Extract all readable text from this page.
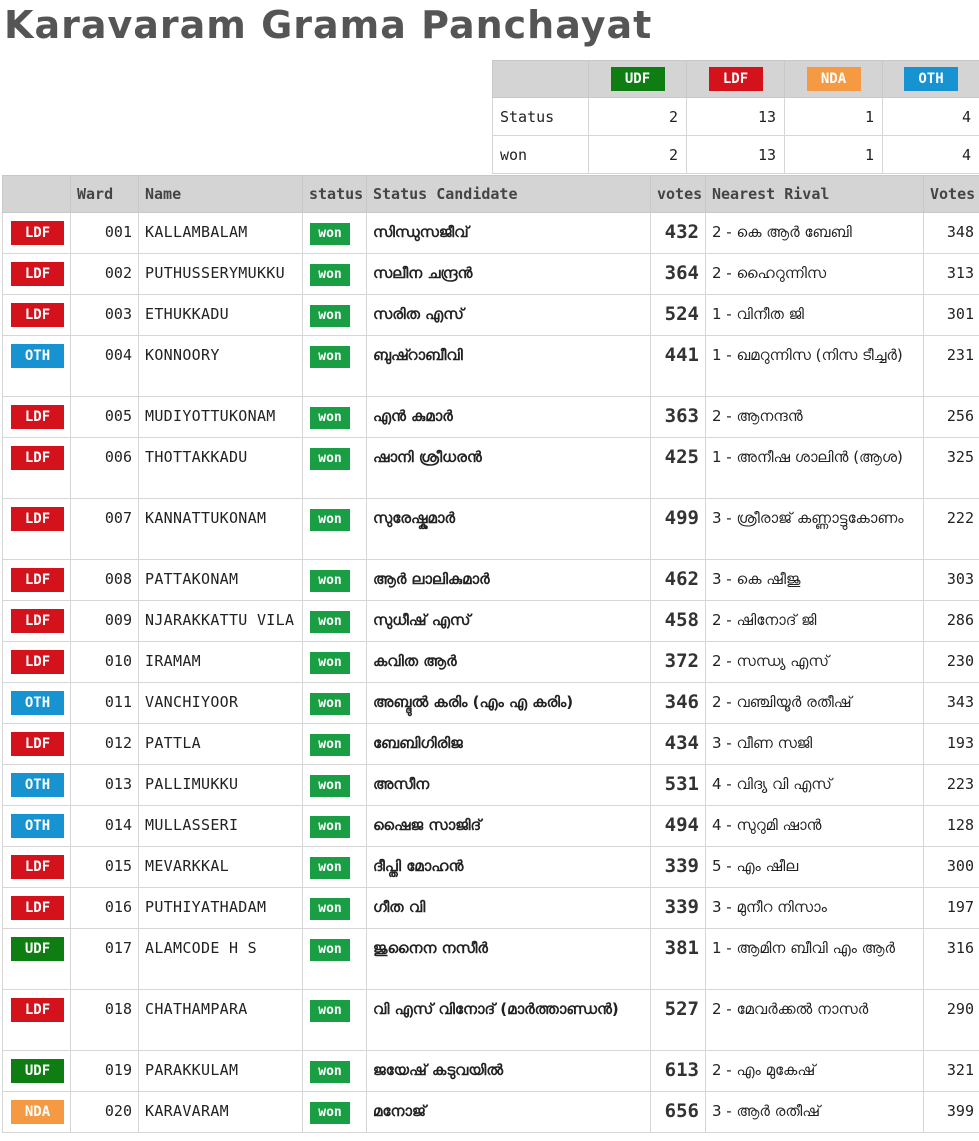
Karavaram Grama Panchayat
	UDF	LDF	NDA	OTH
Status	2	13	1	4
won	2	13	1	4
	Ward	Name	status	Status Candidate	votes	Nearest Rival	Votes
LDF	001	KALLAMBALAM	won	സിന്ധുസജീവ്	432	2 - കെ ആർ ബേബി	348
LDF	002	PUTHUSSERYMUKKU	won	സലീന ചന്ദ്രൻ	364	2 - ഹൈറുന്നിസ	313
LDF	003	ETHUKKADU	won	സരിത എസ്	524	1 - വിനീത ജി	301
OTH	004	KONNOORY	won	ബുഷ്റാബീവി	441	1 - ഖമറുന്നിസ (നിസ ടീച്ചർ)	231
LDF	005	MUDIYOTTUKONAM	won	എൻ കുമാർ	363	2 - ആനന്ദൻ	256
LDF	006	THOTTAKKADU	won	ഷാനി ശ്രീധരൻ	425	1 - അനീഷ ശാലിൻ (ആശ)	325
LDF	007	KANNATTUKONAM	won	സുരേഷ്കുമാർ	499	3 - ശ്രീരാജ് കണ്ണാട്ടുകോണം	222
LDF	008	PATTAKONAM	won	ആർ ലാലികുമാർ	462	3 - കെ ഷീജു	303
LDF	009	NJARAKKATTU VILA	won	സുധീഷ് എസ്	458	2 - ഷിനോദ് ജി	286
LDF	010	IRAMAM	won	കവിത ആർ	372	2 - സന്ധ്യ എസ്	230
OTH	011	VANCHIYOOR	won	അബ്ദുൽ കരിം (എം എ കരിം)	346	2 - വഞ്ചിയൂർ രതീഷ്	343
LDF	012	PATTLA	won	ബേബിഗിരിജ	434	3 - വീണ സജി	193
OTH	013	PALLIMUKKU	won	അസീന	531	4 - വിദ്യ വി എസ്	223
OTH	014	MULLASSERI	won	ഷൈജ സാജിദ്	494	4 - സുറുമി ഷാൻ	128
LDF	015	MEVARKKAL	won	ദീപ്തി മോഹൻ	339	5 - എം ഷീല	300
LDF	016	PUTHIYATHADAM	won	ഗീത വി	339	3 - മുനീറ നിസാം	197
UDF	017	ALAMCODE H S	won	ജുനൈന നസീർ	381	1 - ആമിന ബീവി എം ആർ	316
LDF	018	CHATHAMPARA	won	വി എസ് വിനോദ് (മാർത്താണ്ഡൻ)	527	2 - മേവർക്കൽ നാസർ	290
UDF	019	PARAKKULAM	won	ജയേഷ് കടുവയിൽ	613	2 - എം മുകേഷ്	321
NDA	020	KARAVARAM	won	മനോജ്	656	3 - ആർ രതീഷ്	399
